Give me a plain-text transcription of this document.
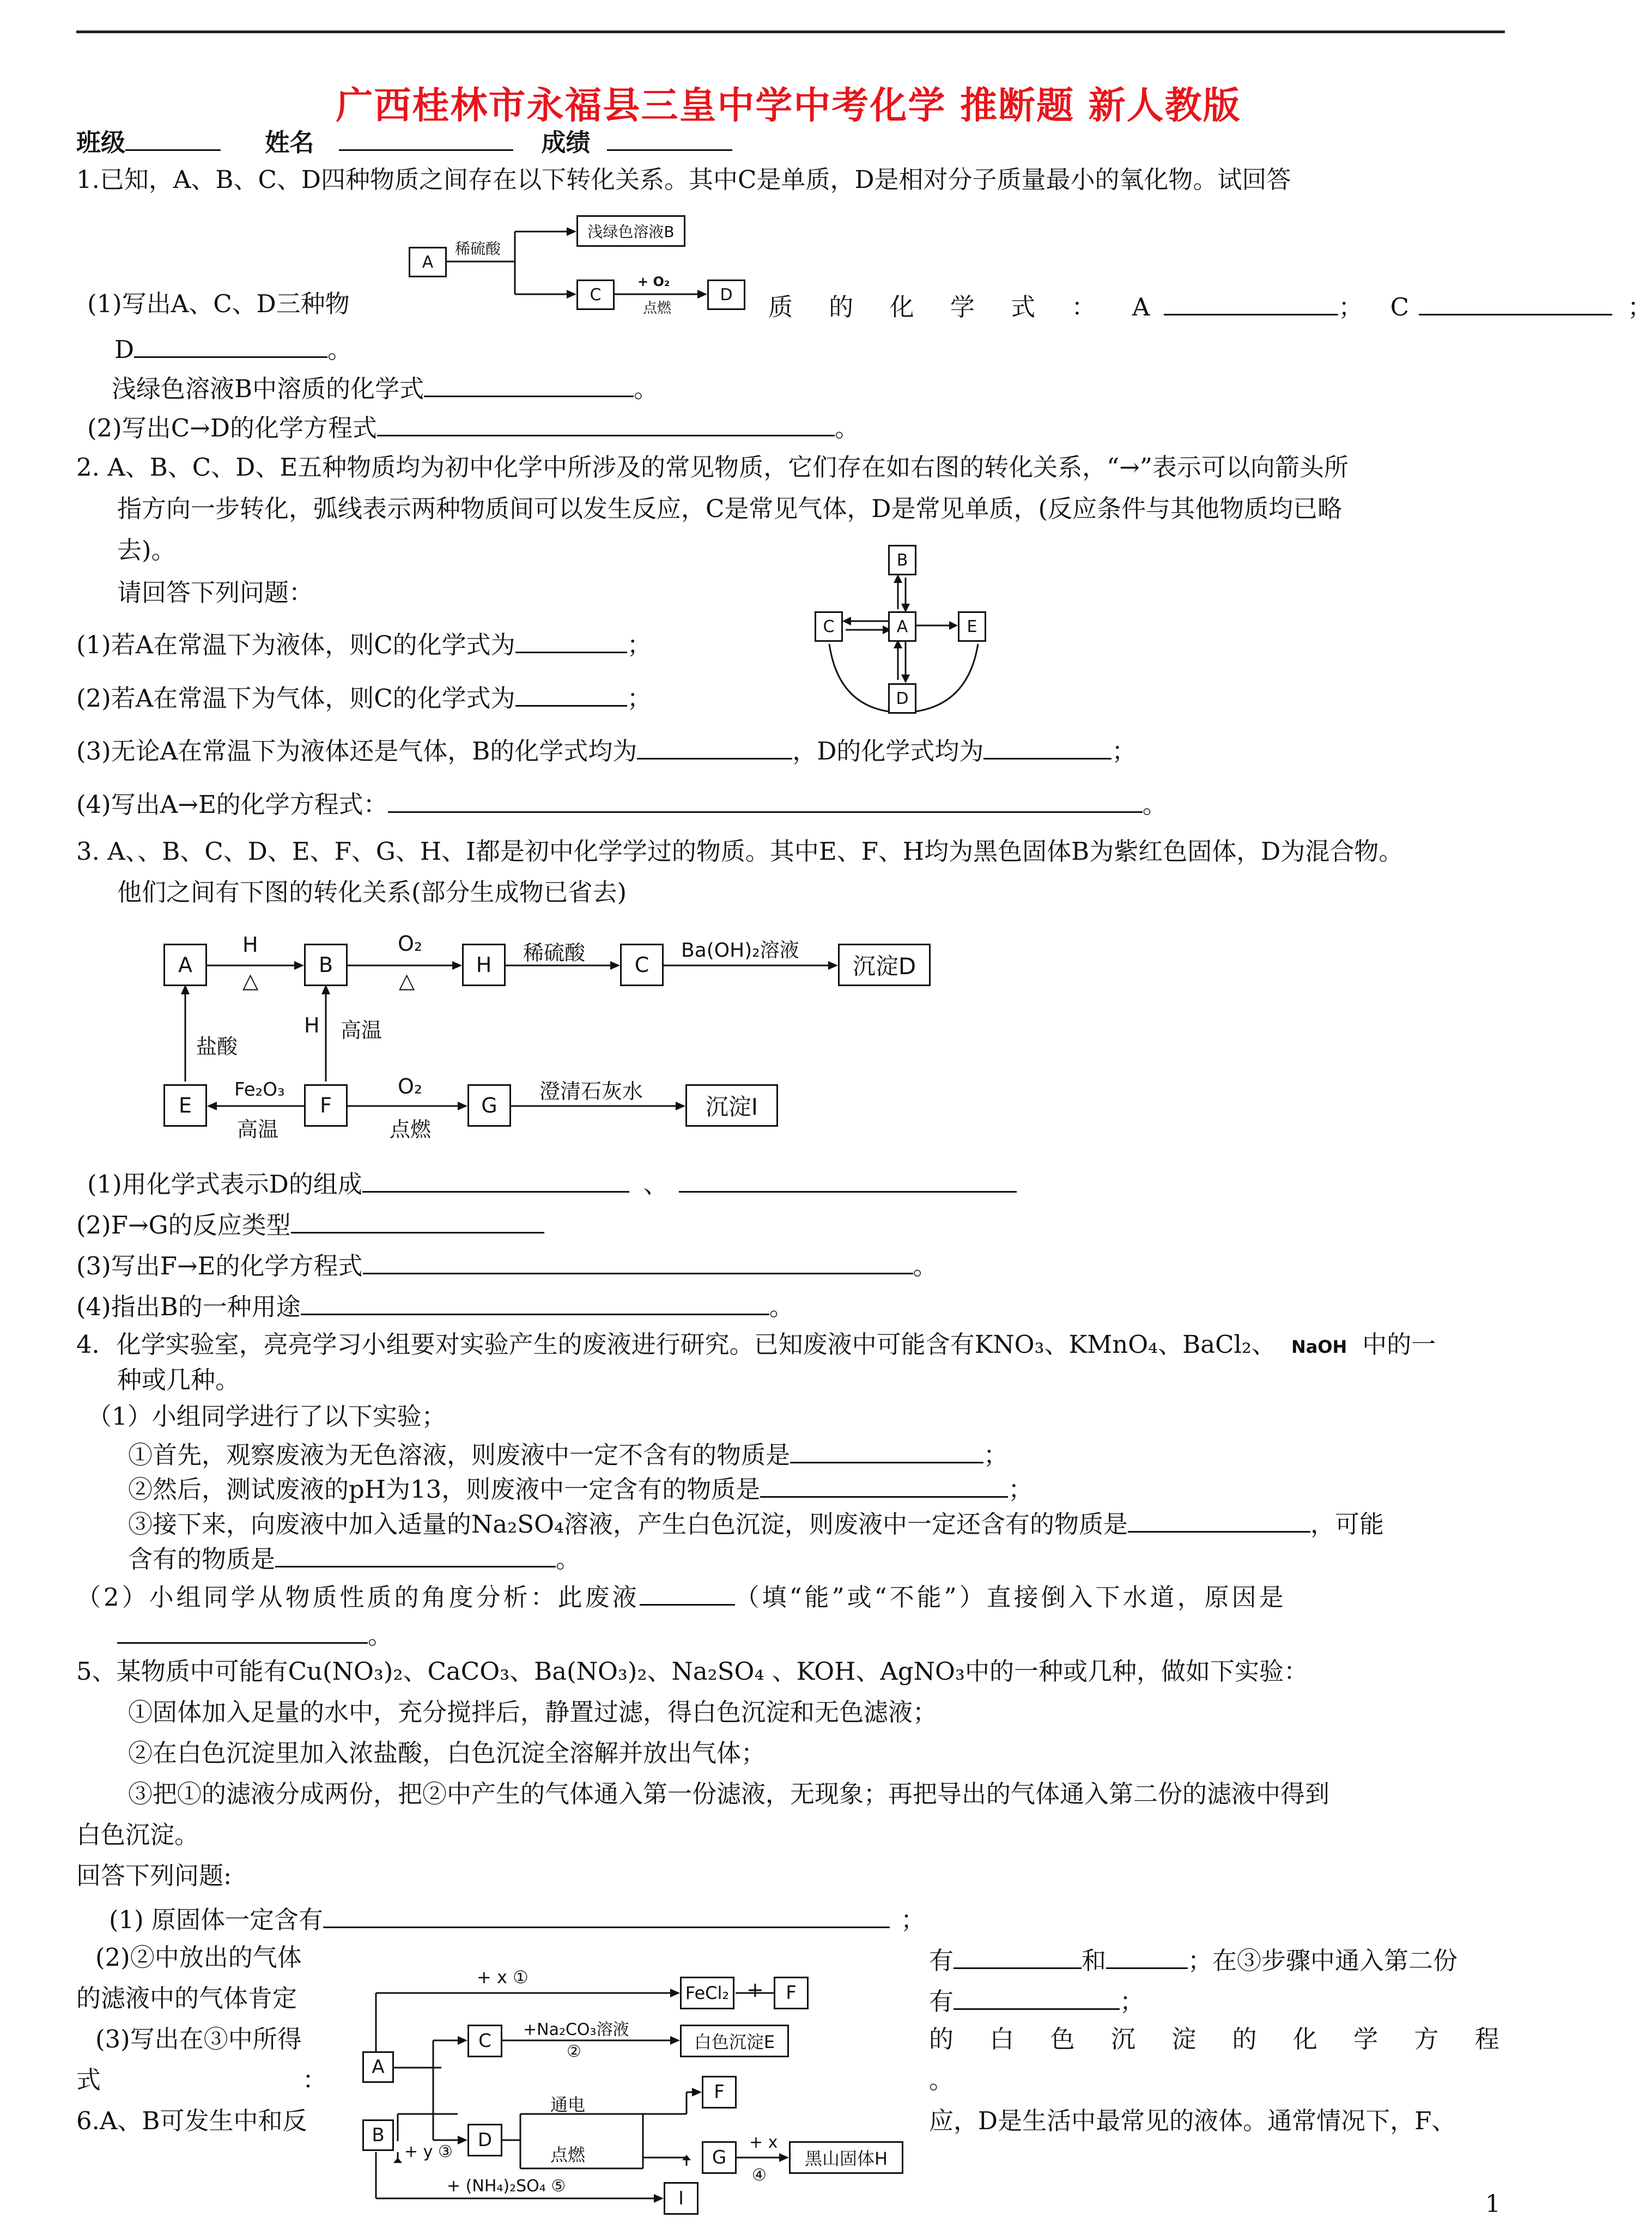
广西桂林市永福县三皇中学中考化学 推断题 新人教版
班级	姓名	成绩
1.已知，A、B、C、D四种物质之间存在以下转化关系。其中C是单质，D是相对分子质量最小的氧化物。试回答
A
稀硫酸
浅绿色溶液B
C
+ O₂
点燃
D
(1)写出A、C、D三种物	质 的 化 学 式 ： A	； C	；
D	。
浅绿色溶液B中溶质的化学式	。
(2)写出C→D的化学方程式	。
2. A、B、C、D、E五种物质均为初中化学中所涉及的常见物质，它们存在如右图的转化关系，“→”表示可以向箭头所
指方向一步转化，弧线表示两种物质间可以发生反应，C是常见气体，D是常见单质，(反应条件与其他物质均已略
去)。
请回答下列问题：
B
C	A	E
D
(1)若A在常温下为液体，则C的化学式为	；
(2)若A在常温下为气体，则C的化学式为	；
(3)无论A在常温下为液体还是气体，B的化学式均为	，D的化学式均为	；
(4)写出A→E的化学方程式：	。
3. A、、B、C、D、E、F、G、H、I都是初中化学学过的物质。其中E、F、H均为黑色固体B为紫红色固体，D为混合物。
他们之间有下图的转化关系(部分生成物已省去)
A	B	H	C	沉淀D
E	F	G	沉淀I
H
△
O₂
△
稀硫酸	Ba(OH)₂溶液
盐酸
H 高温
Fe₂O₃
高温
O₂
点燃
澄清石灰水
(1)用化学式表示D的组成	、
(2)F→G的反应类型
(3)写出F→E的化学方程式	。
(4)指出B的一种用途	。
4．化学实验室，亮亮学习小组要对实验产生的废液进行研究。已知废液中可能含有KNO₃、KMnO₄、BaCl₂、 NaOH 中的一
种或几种。
（1）小组同学进行了以下实验；
①首先，观察废液为无色溶液，则废液中一定不含有的物质是	；
②然后，测试废液的pH为13，则废液中一定含有的物质是	；
③接下来，向废液中加入适量的Na₂SO₄溶液，产生白色沉淀，则废液中一定还含有的物质是	，可能
含有的物质是	。
（2）小组同学从物质性质的角度分析：此废液	（填“能”或“不能”）直接倒入下水道，原因是
。
5、某物质中可能有Cu(NO₃)₂、CaCO₃、Ba(NO₃)₂、Na₂SO₄ 、KOH、AgNO₃中的一种或几种，做如下实验：
①固体加入足量的水中，充分搅拌后，静置过滤，得白色沉淀和无色滤液；
②在白色沉淀里加入浓盐酸，白色沉淀全溶解并放出气体；
③把①的滤液分成两份，把②中产生的气体通入第一份滤液，无现象；再把导出的气体通入第二份的滤液中得到
白色沉淀。
回答下列问题:
(1) 原固体一定含有	；
(2)②中放出的气体	有	和	；在③步骤中通入第二份
的滤液中的气体肯定	有	；
(3)写出在③中所得	的 白 色 沉 淀 的 化 学 方 程
式	：	。
6.A、B可发生中和反	应，D是生活中最常见的液体。通常情况下，F、
A
B
C
D
FeCl₂ +	F
白色沉淀E
F
G	黑山固体H
I
+ x ①
+Na₂CO₃溶液
②
+ y ③
通电
点燃
+ x
④
+ (NH₄)₂SO₄ ⑤
1
